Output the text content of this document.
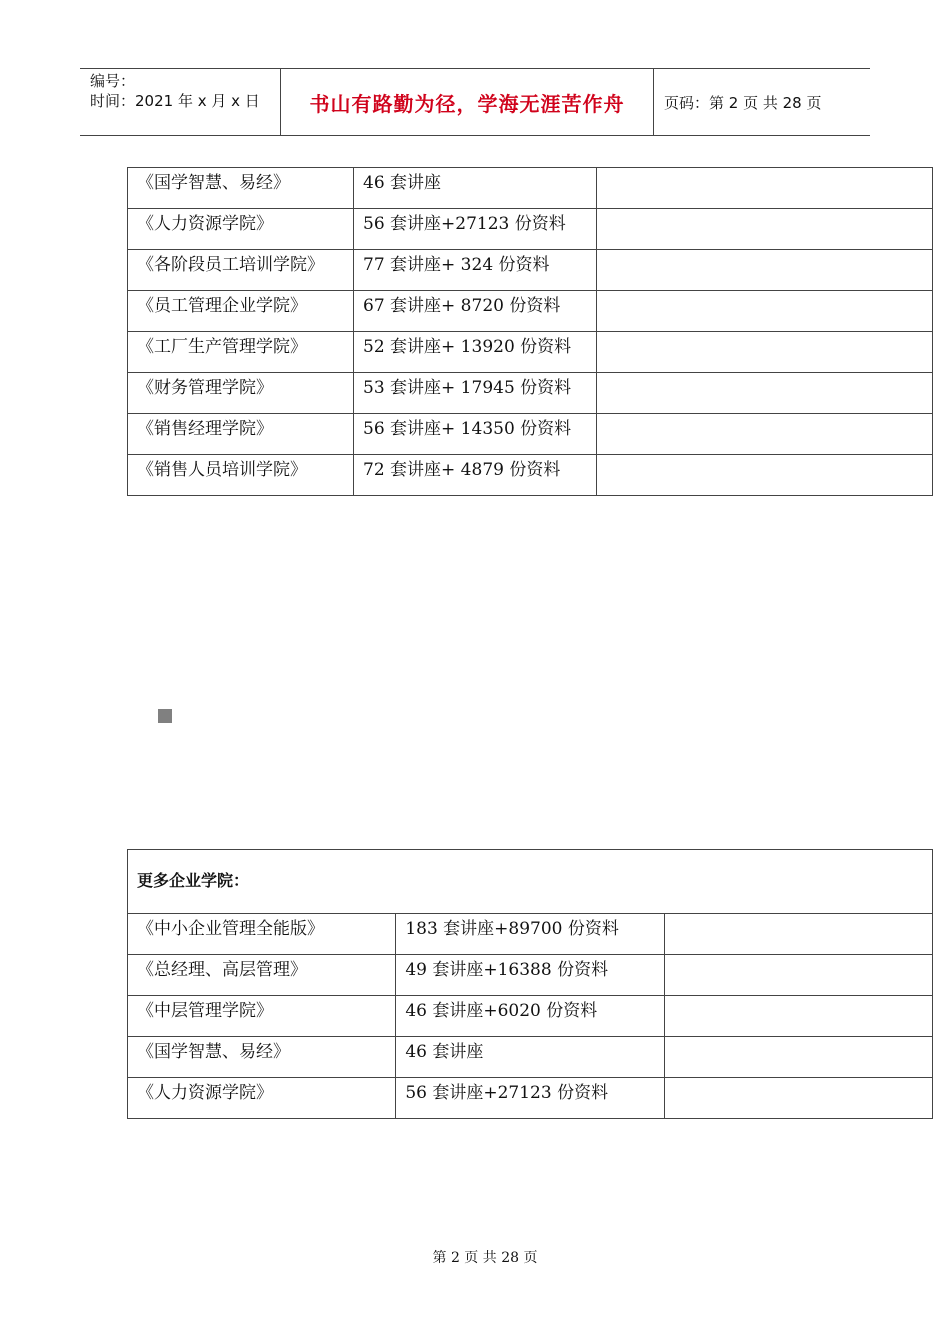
编号：
时间：2021 年 x 月 x 日	书山有路勤为径，学海无涯苦作舟	页码：第 2 页 共 28 页
《国学智慧、易经》	46 套讲座	

《人力资源学院》	56 套讲座+27123 份资料	

《各阶段员工培训学院》	77 套讲座+ 324 份资料	

《员工管理企业学院》	67 套讲座+ 8720 份资料	

《工厂生产管理学院》	52 套讲座+ 13920 份资料	

《财务管理学院》	53 套讲座+ 17945 份资料	

《销售经理学院》	56 套讲座+ 14350 份资料	

《销售人员培训学院》	72 套讲座+ 4879 份资料	

更多企业学院：		

《中小企业管理全能版》	183 套讲座+89700 份资料	

《总经理、高层管理》	49 套讲座+16388 份资料	

《中层管理学院》	46 套讲座+6020 份资料	

《国学智慧、易经》	46 套讲座	

《人力资源学院》	56 套讲座+27123 份资料	

第 2 页 共 28 页
